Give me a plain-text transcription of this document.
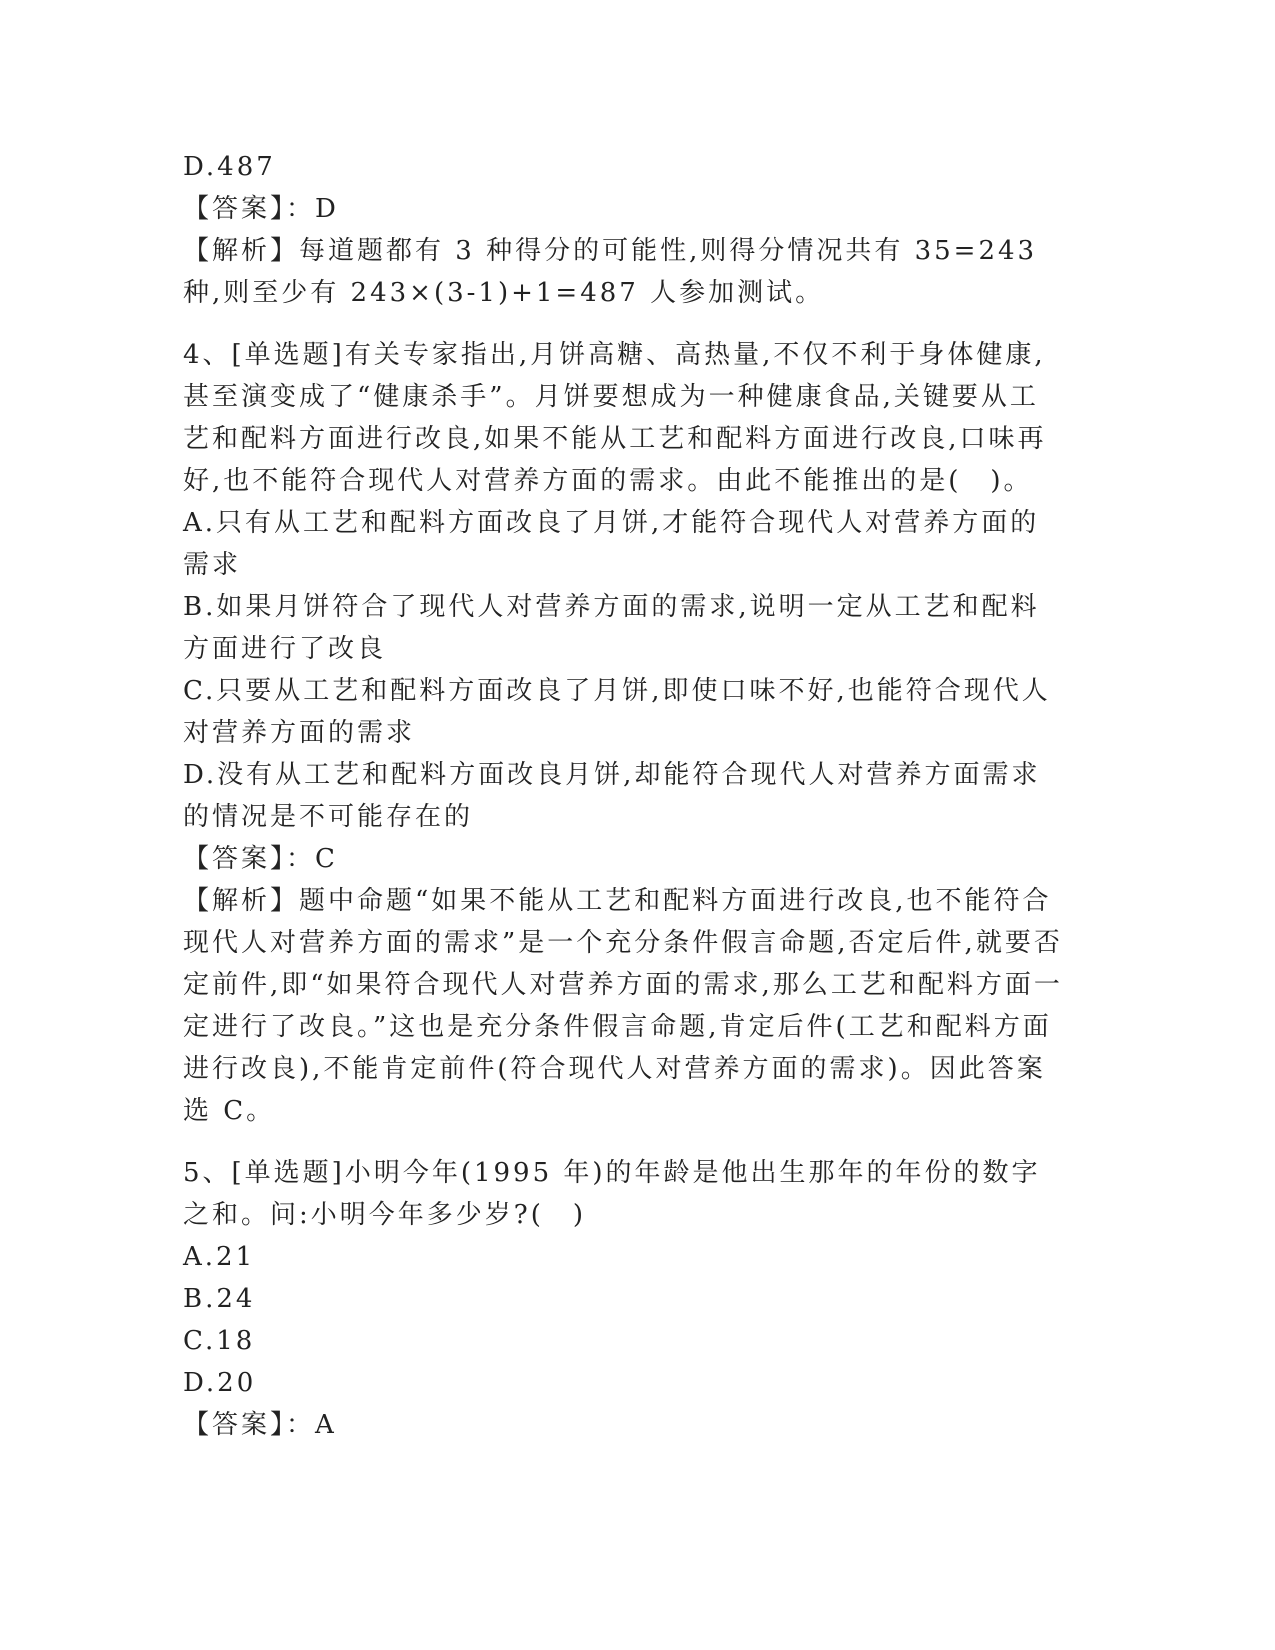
D.487

【答案】：D

【解析】每道题都有 3 种得分的可能性,则得分情况共有 35=243 种,则至少有 243×(3-1)+1=487 人参加测试。

4、[单选题]有关专家指出,月饼高糖、高热量,不仅不利于身体健康,甚至演变成了“健康杀手”。月饼要想成为一种健康食品,关键要从工艺和配料方面进行改良,如果不能从工艺和配料方面进行改良,口味再好,也不能符合现代人对营养方面的需求。由此不能推出的是(　)。

A.只有从工艺和配料方面改良了月饼,才能符合现代人对营养方面的需求

B.如果月饼符合了现代人对营养方面的需求,说明一定从工艺和配料方面进行了改良

C.只要从工艺和配料方面改良了月饼,即使口味不好,也能符合现代人对营养方面的需求

D.没有从工艺和配料方面改良月饼,却能符合现代人对营养方面需求的情况是不可能存在的

【答案】：C

【解析】题中命题“如果不能从工艺和配料方面进行改良,也不能符合现代人对营养方面的需求”是一个充分条件假言命题,否定后件,就要否定前件,即“如果符合现代人对营养方面的需求,那么工艺和配料方面一定进行了改良。”这也是充分条件假言命题,肯定后件(工艺和配料方面进行改良),不能肯定前件(符合现代人对营养方面的需求)。因此答案选 C。

5、[单选题]小明今年(1995 年)的年龄是他出生那年的年份的数字之和。问:小明今年多少岁?(　)

A.21

B.24

C.18

D.20

【答案】：A
